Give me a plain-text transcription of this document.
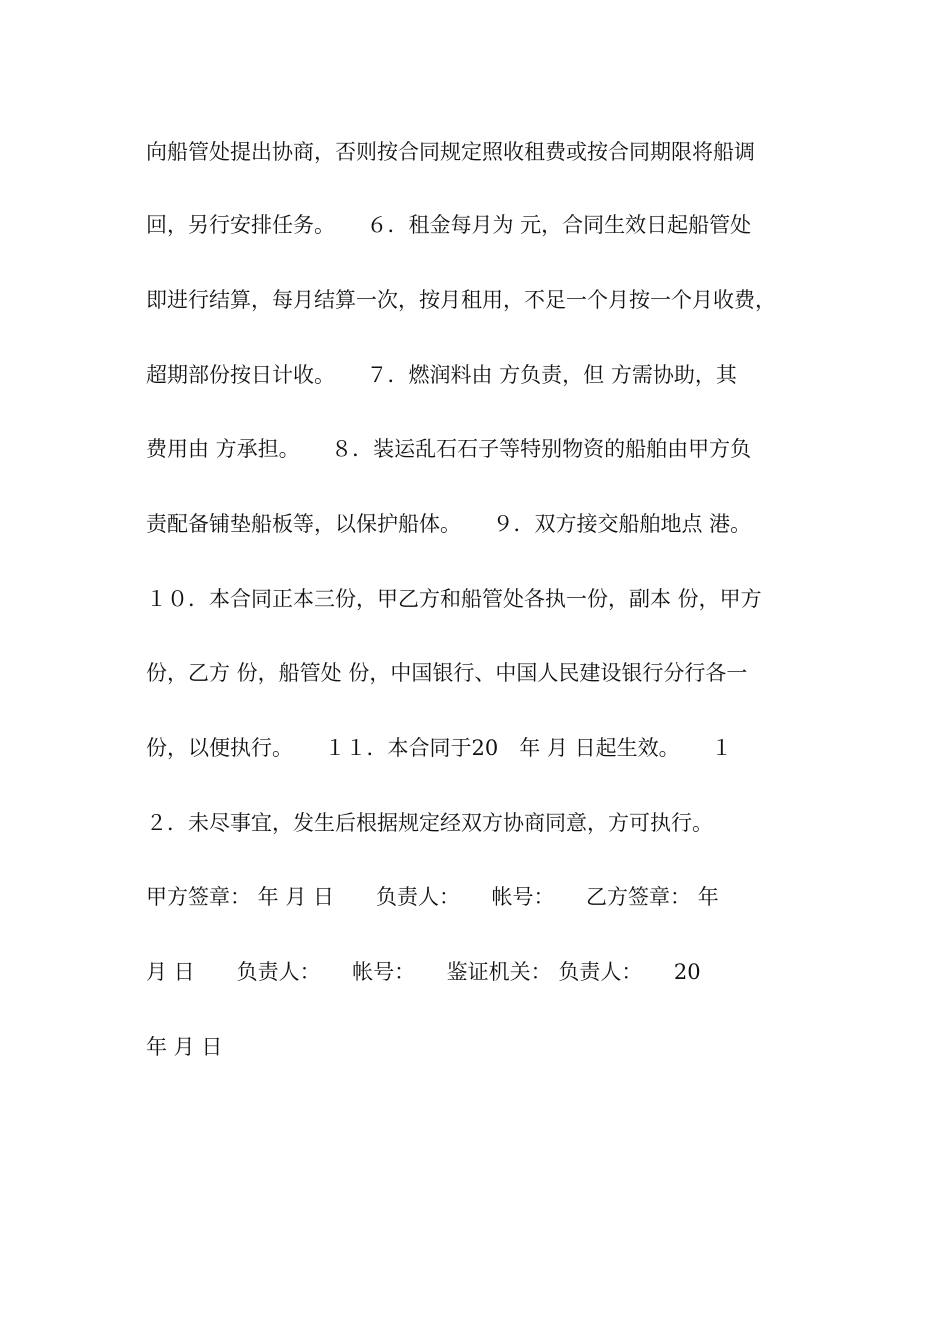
向船管处提出协商，否则按合同规定照收租费或按合同期限将船调
回，另行安排任务。　　６．租金每月为 元，合同生效日起船管处
即进行结算，每月结算一次，按月租用，不足一个月按一个月收费，
超期部份按日计收。　　７．燃润料由 方负责，但 方需协助，其
费用由 方承担。　　８．装运乱石石子等特别物资的船舶由甲方负
责配备铺垫船板等，以保护船体。　　９．双方接交船舶地点 港。
１０．本合同正本三份，甲乙方和船管处各执一份，副本 份，甲方
份，乙方 份，船管处 份，中国银行、中国人民建设银行分行各一
份，以便执行。　　１１．本合同于20　年 月 日起生效。　　１
２．未尽事宜，发生后根据规定经双方协商同意，方可执行。
甲方签章： 年 月 日　　负责人：　　帐号：　　乙方签章： 年
月 日　　负责人：　　帐号：　　鉴证机关： 负责人：　　20
年 月 日
